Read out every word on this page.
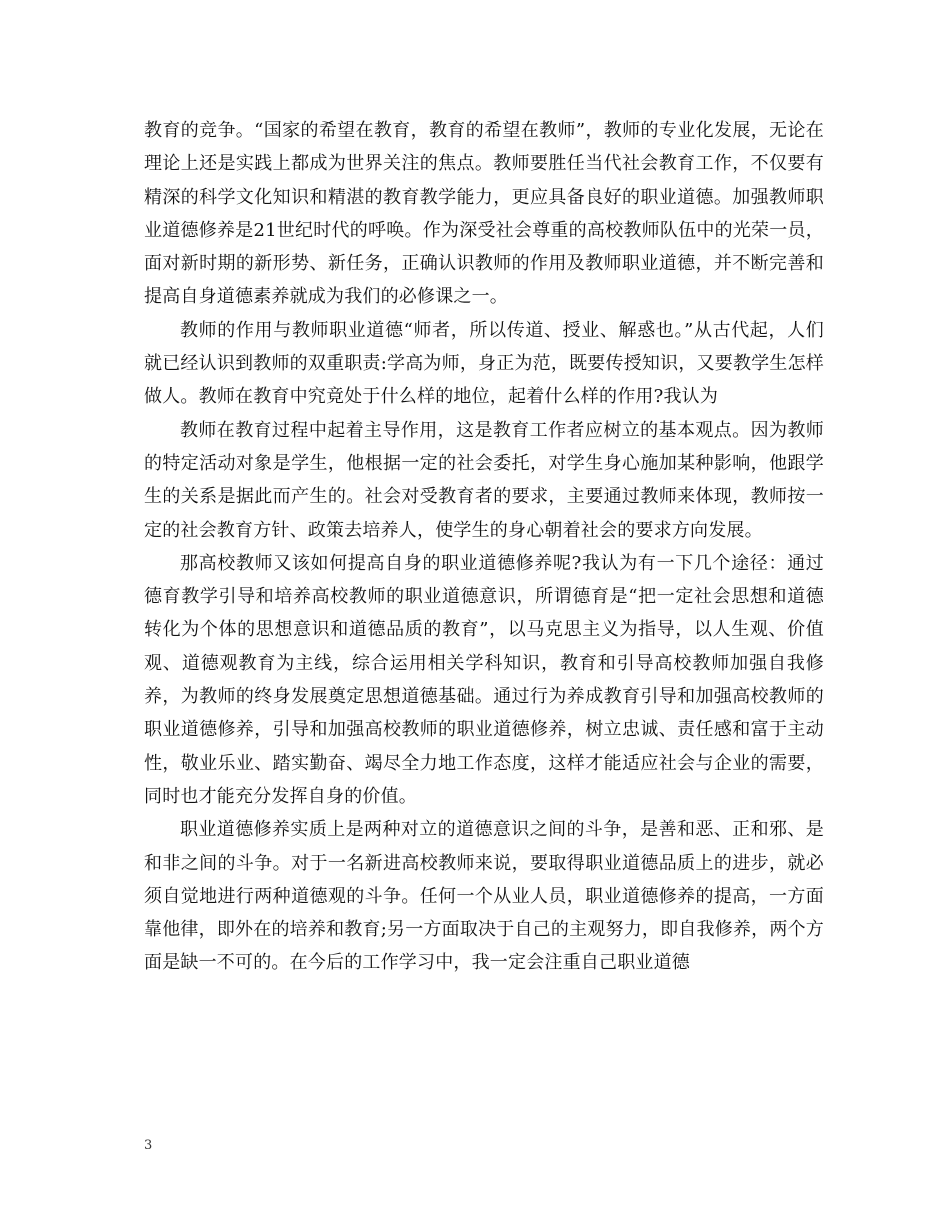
教育的竞争。“国家的希望在教育，教育的希望在教师”，教师的专业化发展，无论在理论上还是实践上都成为世界关注的焦点。教师要胜任当代社会教育工作，不仅要有精深的科学文化知识和精湛的教育教学能力，更应具备良好的职业道德。加强教师职业道德修养是21世纪时代的呼唤。作为深受社会尊重的高校教师队伍中的光荣一员，面对新时期的新形势、新任务，正确认识教师的作用及教师职业道德，并不断完善和提高自身道德素养就成为我们的必修课之一。

教师的作用与教师职业道德“师者，所以传道、授业、解惑也。”从古代起，人们就已经认识到教师的双重职责:学高为师，身正为范，既要传授知识，又要教学生怎样做人。教师在教育中究竟处于什么样的地位，起着什么样的作用?我认为

教师在教育过程中起着主导作用，这是教育工作者应树立的基本观点。因为教师的特定活动对象是学生，他根据一定的社会委托，对学生身心施加某种影响，他跟学生的关系是据此而产生的。社会对受教育者的要求，主要通过教师来体现，教师按一定的社会教育方针、政策去培养人，使学生的身心朝着社会的要求方向发展。

那高校教师又该如何提高自身的职业道德修养呢?我认为有一下几个途径：通过德育教学引导和培养高校教师的职业道德意识，所谓德育是“把一定社会思想和道德转化为个体的思想意识和道德品质的教育”，以马克思主义为指导，以人生观、价值观、道德观教育为主线，综合运用相关学科知识，教育和引导高校教师加强自我修养，为教师的终身发展奠定思想道德基础。通过行为养成教育引导和加强高校教师的职业道德修养，引导和加强高校教师的职业道德修养，树立忠诚、责任感和富于主动性，敬业乐业、踏实勤奋、竭尽全力地工作态度，这样才能适应社会与企业的需要，同时也才能充分发挥自身的价值。

职业道德修养实质上是两种对立的道德意识之间的斗争，是善和恶、正和邪、是和非之间的斗争。对于一名新进高校教师来说，要取得职业道德品质上的进步，就必须自觉地进行两种道德观的斗争。任何一个从业人员，职业道德修养的提高，一方面靠他律，即外在的培养和教育;另一方面取决于自己的主观努力，即自我修养，两个方面是缺一不可的。在今后的工作学习中，我一定会注重自己职业道德

3
